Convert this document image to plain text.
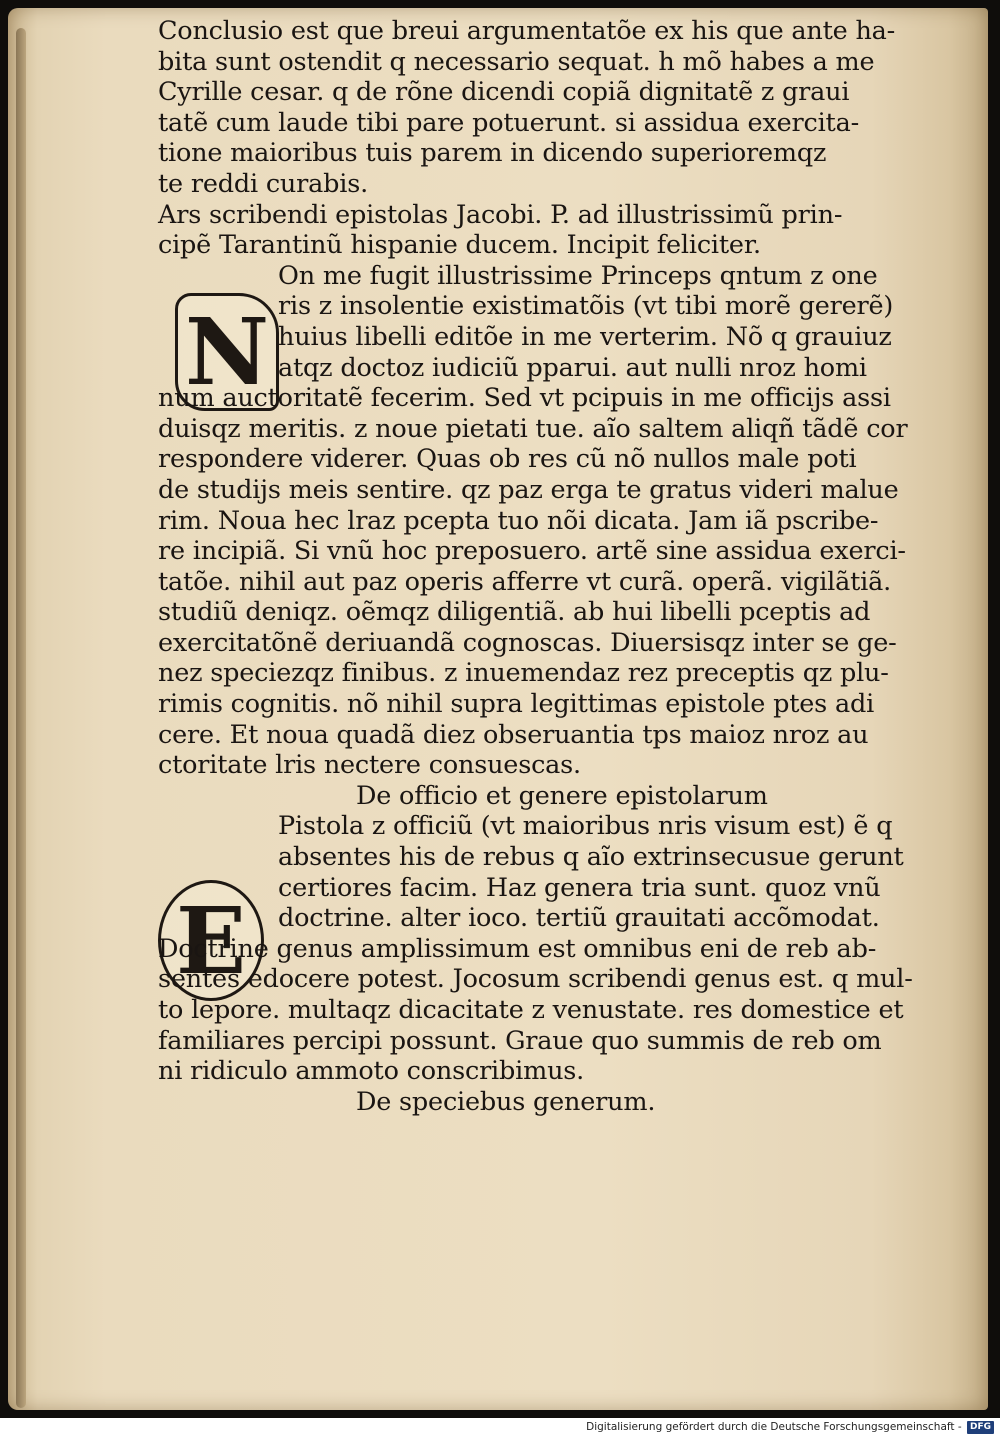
N
E
Conclusio est que breui argumentatõe ex his que ante ha-
bita sunt ostendit q necessario sequat. h mõ habes a me
Cyrille cesar. q de rõne dicendi copiã dignitatẽ z graui
tatẽ cum laude tibi pare potuerunt. si assidua exercita-
tione maioribus tuis parem in dicendo superioremqz
te reddi curabis.
Ars scribendi epistolas Jacobi. P. ad illustrissimũ prin-
cipẽ Tarantinũ hispanie ducem. Incipit feliciter.
On me fugit illustrissime Princeps qntum z one
ris z insolentie existimatõis (vt tibi morẽ gererẽ)
huius libelli editõe in me verterim. Nõ q grauiuz
atqz doctoz iudiciũ pparui. aut nulli nroz homi
num auctoritatẽ fecerim. Sed vt pcipuis in me officijs assi
duisqz meritis. z noue pietati tue. aĩo saltem aliqñ tãdẽ cor
respondere viderer. Quas ob res cũ nõ nullos male poti
de studijs meis sentire. qz paz erga te gratus videri malue
rim. Noua hec lraz pcepta tuo nõi dicata. Jam iã pscribe-
re incipiã. Si vnũ hoc preposuero. artẽ sine assidua exerci-
tatõe. nihil aut paz operis afferre vt curã. operã. vigilãtiã.
studiũ deniqz. oẽmqz diligentiã. ab hui libelli pceptis ad
exercitatõnẽ deriuandã cognoscas. Diuersisqz inter se ge-
nez speciezqz finibus. z inuemendaz rez preceptis qz plu-
rimis cognitis. nõ nihil supra legittimas epistole ptes adi
cere. Et noua quadã diez obseruantia tps maioz nroz au
ctoritate lris nectere consuescas.
De officio et genere epistolarum
Pistola z officiũ (vt maioribus nris visum est) ẽ q
absentes his de rebus q aĩo extrinsecusue gerunt
certiores facim. Haz genera tria sunt. quoz vnũ
doctrine. alter ioco. tertiũ grauitati accõmodat.
Doctrine genus amplissimum est omnibus eni de reb ab-
sentes edocere potest. Jocosum scribendi genus est. q mul-
to lepore. multaqz dicacitate z venustate. res domestice et
familiares percipi possunt. Graue quo summis de reb om
ni ridiculo ammoto conscribimus.
De speciebus generum.
Digitalisierung gefördert durch die Deutsche Forschungsgemeinschaft - DFG
